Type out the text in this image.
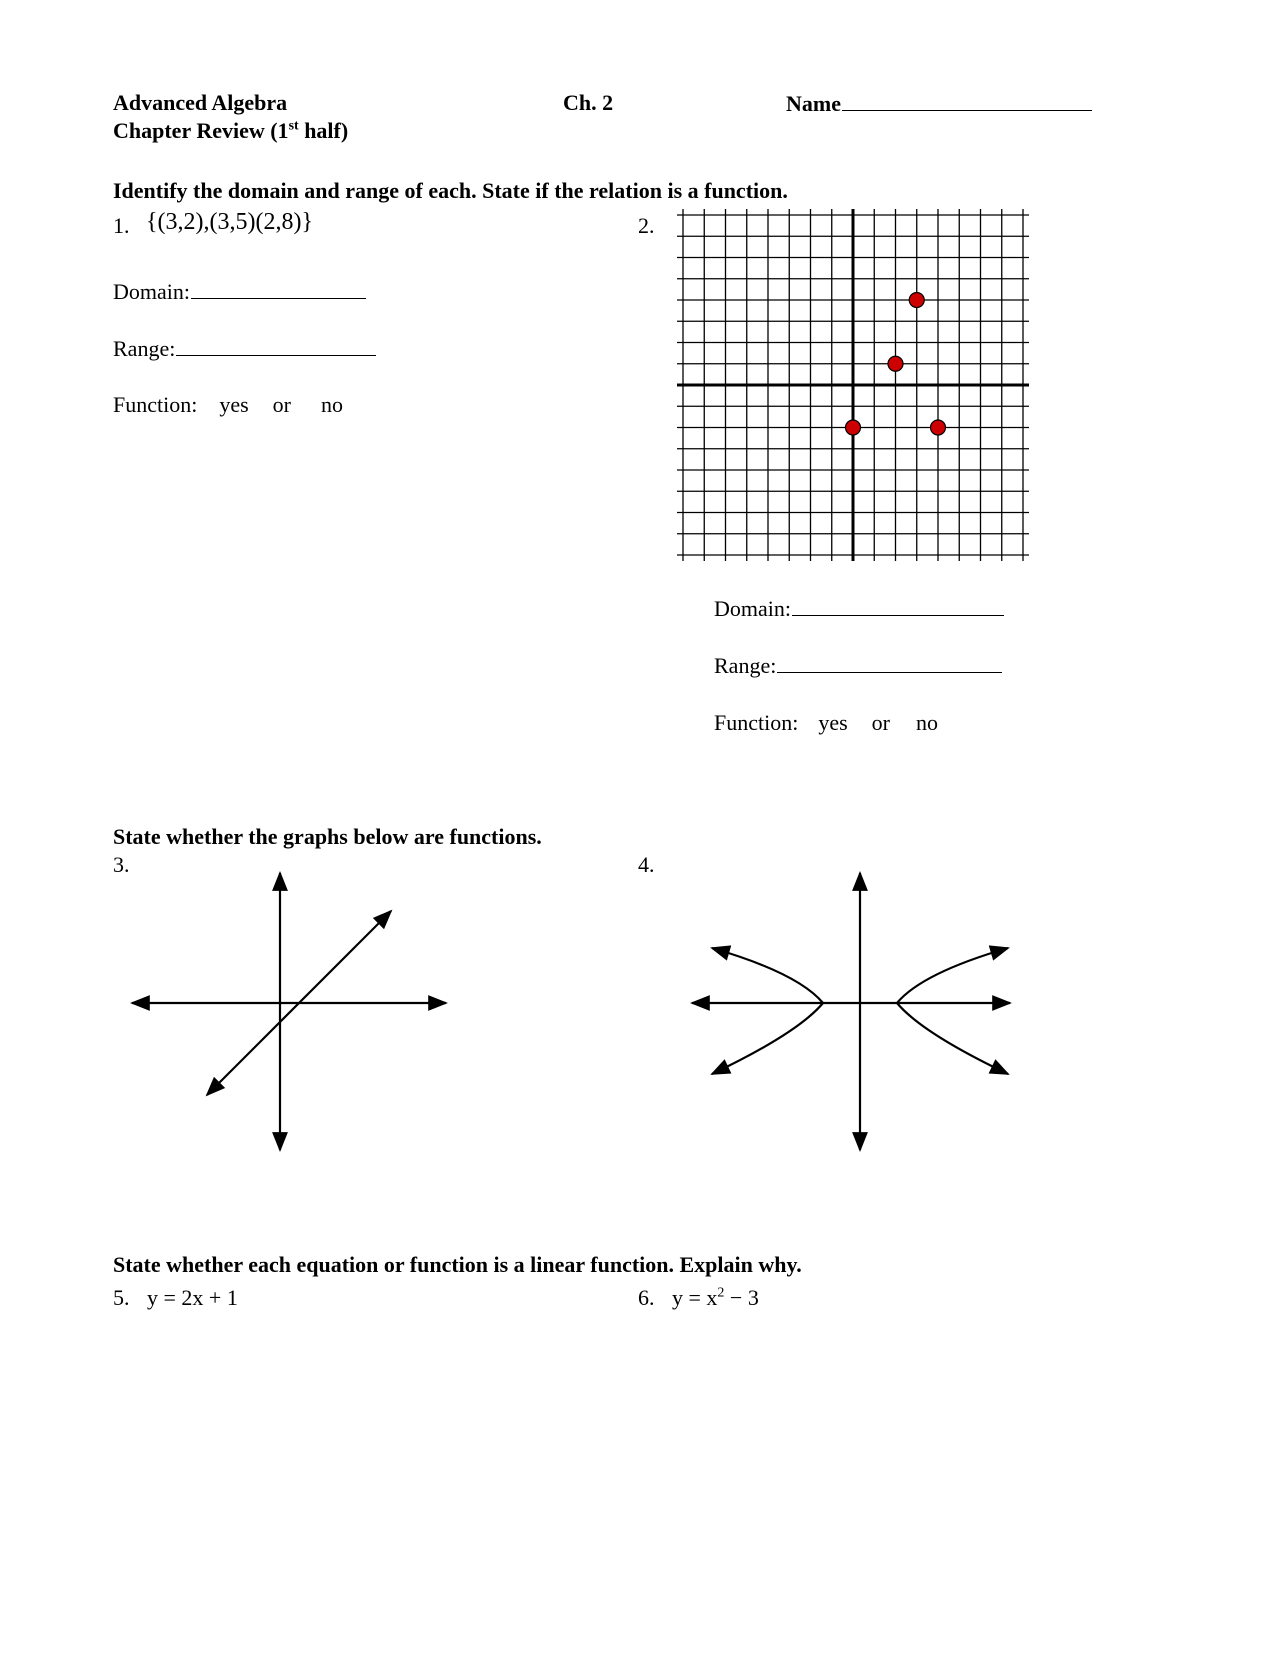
Advanced Algebra
Chapter Review (1st half)
Ch. 2	Name
Identify the domain and range of each. State if the relation is a function.
1. {(3,2),(3,5)(2,8)}
Domain:
Range:
Function: yes or no
2.
Domain:
Range:
Function: yes or no
State whether the graphs below are functions.
3.	4.
State whether each equation or function is a linear function. Explain why.
5. y = 2x + 1	6. $y = x^2 - 3$
